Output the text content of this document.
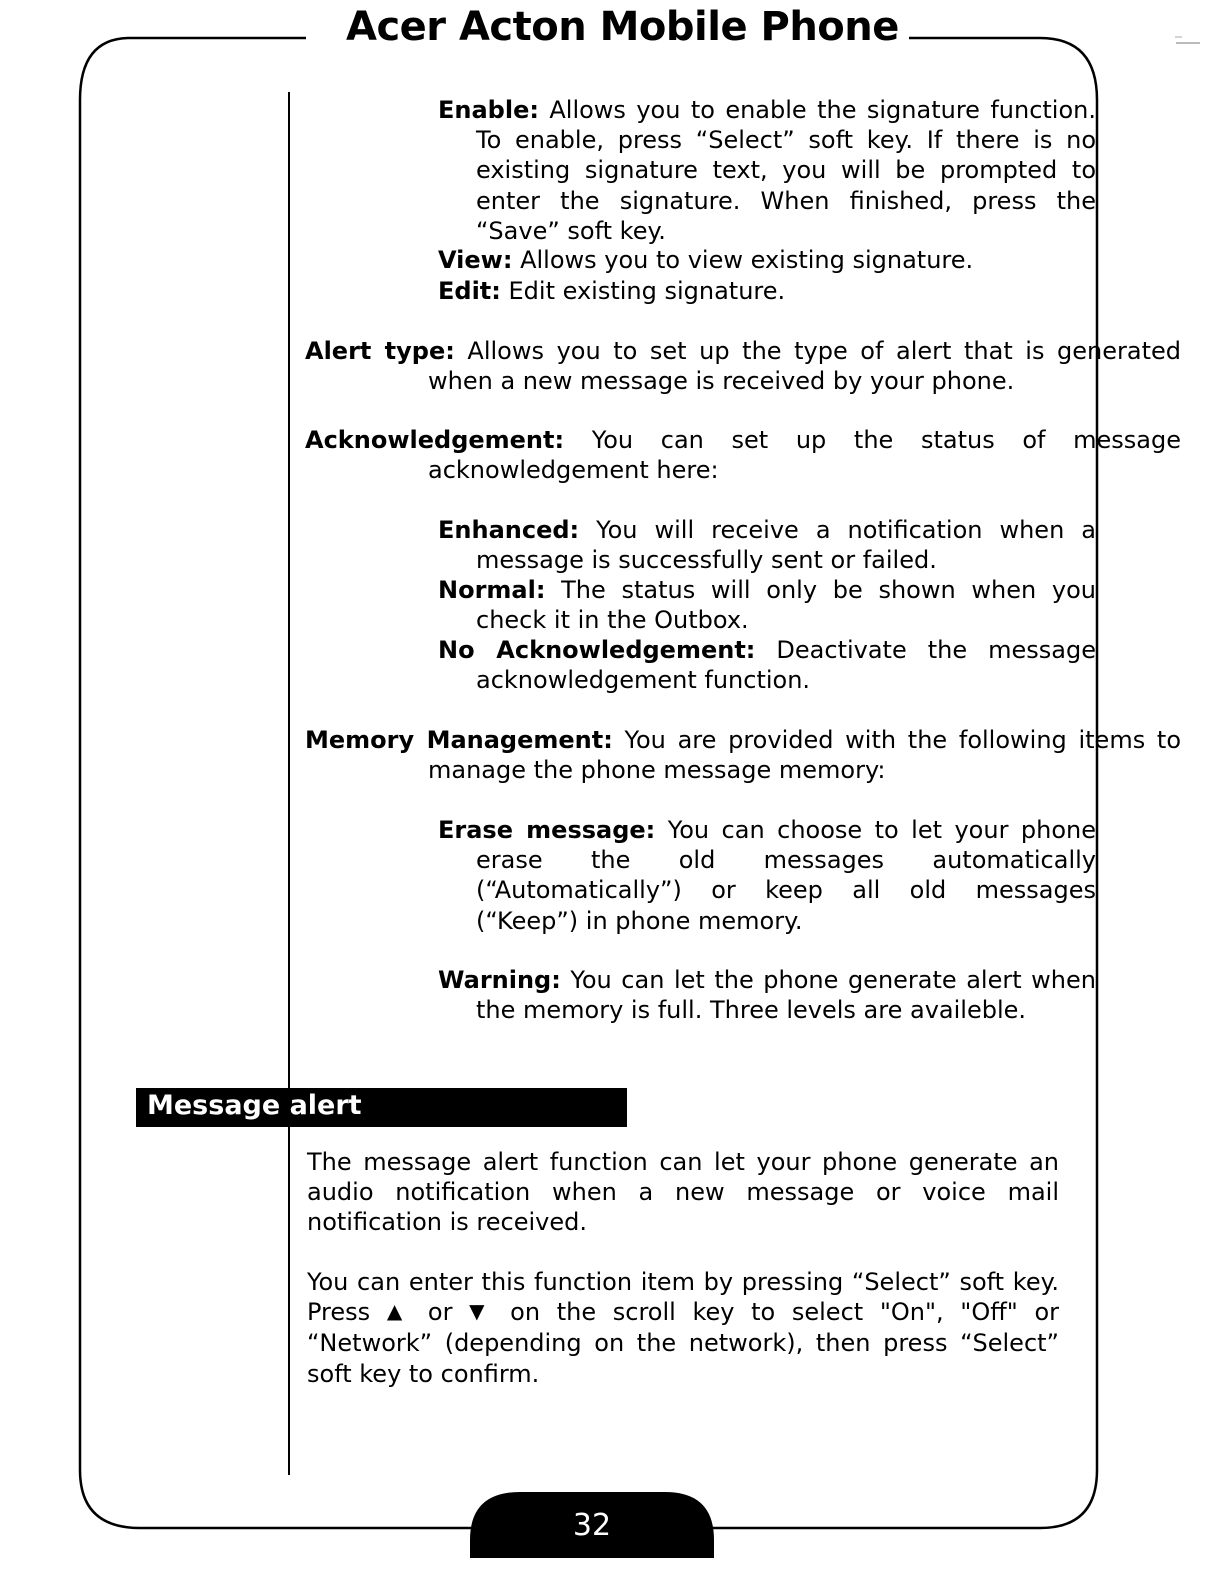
Acer Acton Mobile Phone

Enable: Allows you to enable the signature function. To enable, press “Select” soft key. If there is no existing signature text, you will be prompted to enter the signature. When finished, press the “Save” soft key.

View: Allows you to view existing signature.

Edit: Edit existing signature.

Alert type: Allows you to set up the type of alert that is generated when a new message is received by your phone.

Acknowledgement: You can set up the status of message acknowledgement here:

Enhanced: You will receive a notification when a message is successfully sent or failed.

Normal: The status will only be shown when you check it in the Outbox.

No Acknowledgement: Deactivate the message acknowledgement function.

Memory Management: You are provided with the following items to manage the phone message memory:

Erase message: You can choose to let your phone erase the old messages automatically (“Automatically”) or keep all old messages (“Keep”) in phone memory.

Warning: You can let the phone generate alert when the memory is full. Three levels are availeble.

Message alert

The message alert function can let your phone generate an audio notification when a new message or voice mail notification is received.

You can enter this function item by pressing “Select” soft key. Press ▲ or ▼ on the scroll key to select "On", "Off" or “Network” (depending on the network), then press “Select” soft key to confirm.

32
